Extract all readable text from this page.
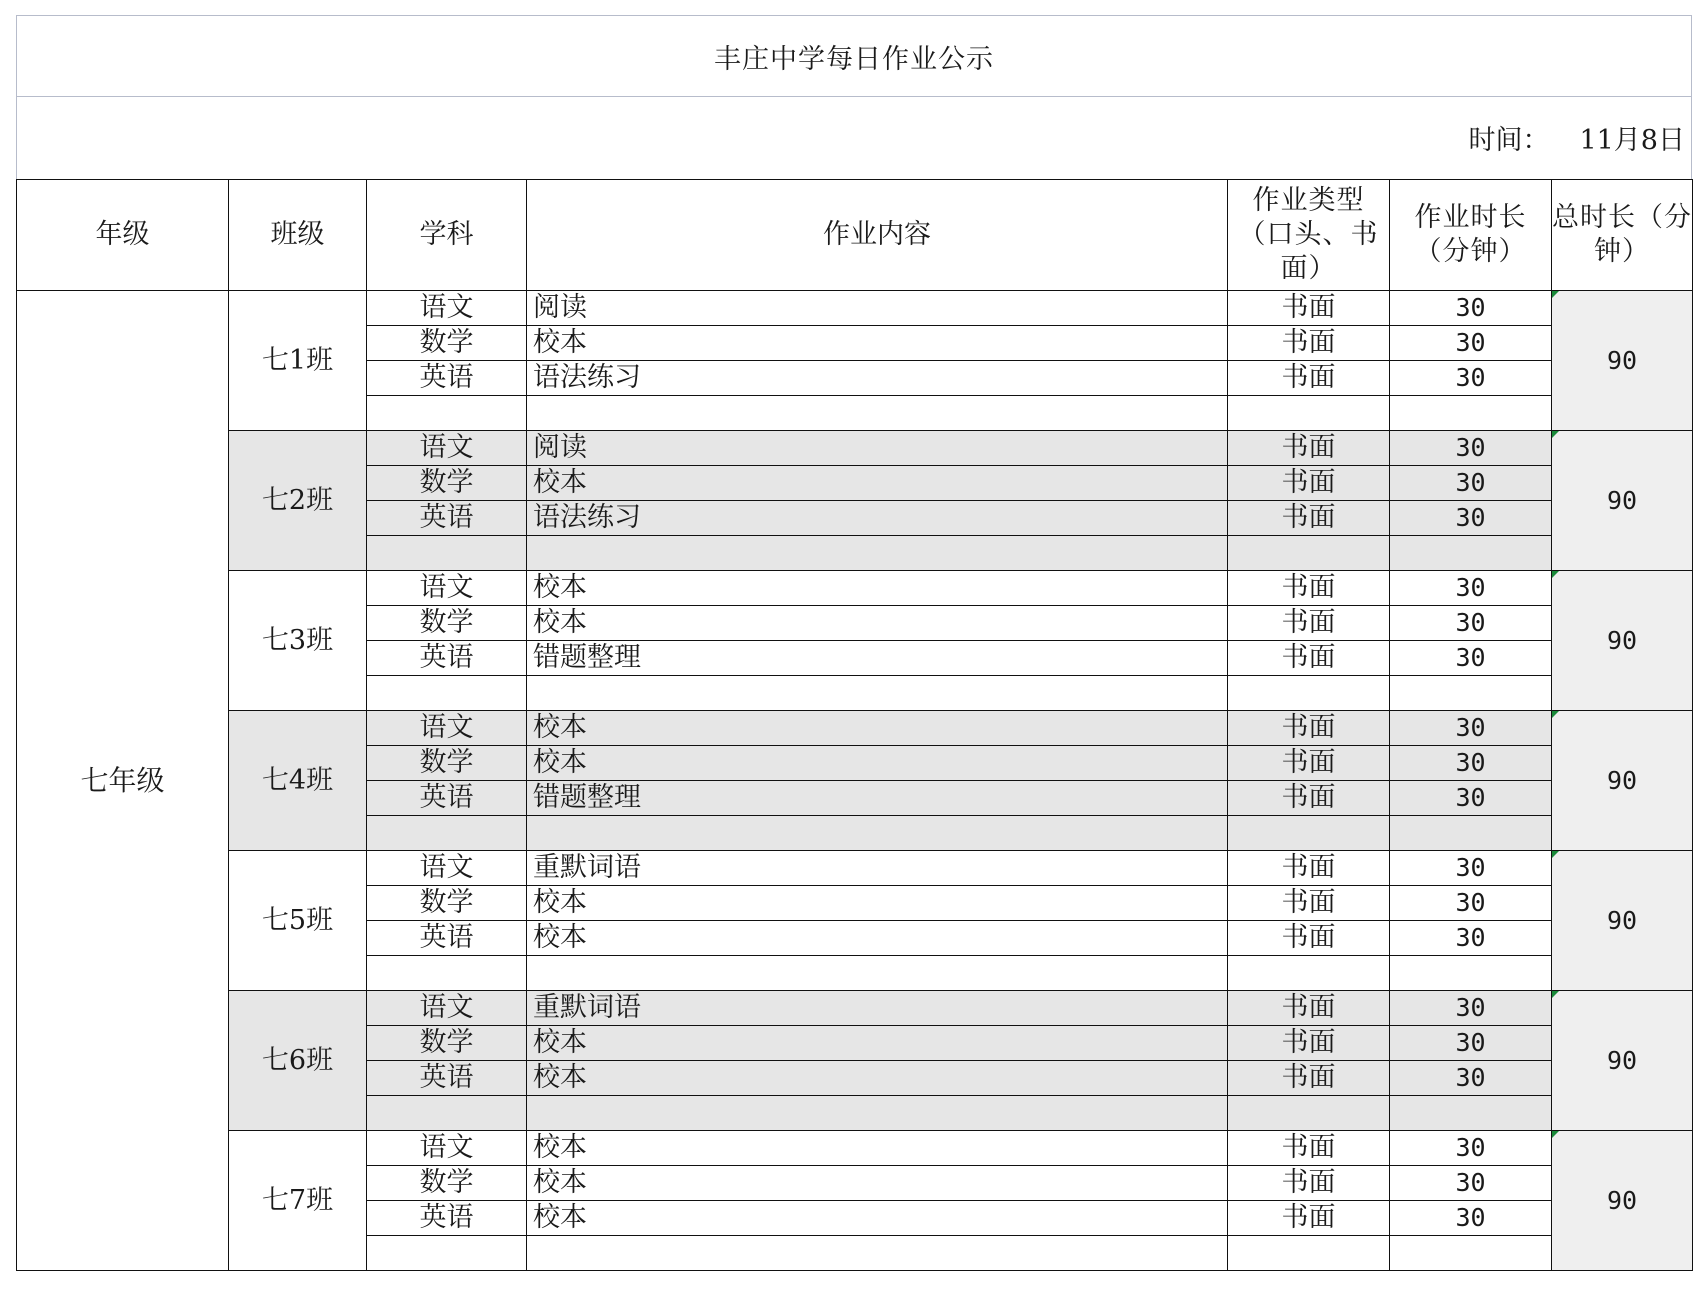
丰庄中学每日作业公示
时间： 11月8日
年级	班级	学科	作业内容	作业类型（口头、书面）	作业时长（分钟）	总时长（分钟）
七年级	七1班	语文	阅读	书面	30	90
		数学	校本	书面	30	
		英语	语法练习	书面	30	

	七2班	语文	阅读	书面	30	90
		数学	校本	书面	30	
		英语	语法练习	书面	30	

	七3班	语文	校本	书面	30	90
		数学	校本	书面	30	
		英语	错题整理	书面	30	

	七4班	语文	校本	书面	30	90
		数学	校本	书面	30	
		英语	错题整理	书面	30	

	七5班	语文	重默词语	书面	30	90
		数学	校本	书面	30	
		英语	校本	书面	30	

	七6班	语文	重默词语	书面	30	90
		数学	校本	书面	30	
		英语	校本	书面	30	

	七7班	语文	校本	书面	30	90
		数学	校本	书面	30	
		英语	校本	书面	30	
